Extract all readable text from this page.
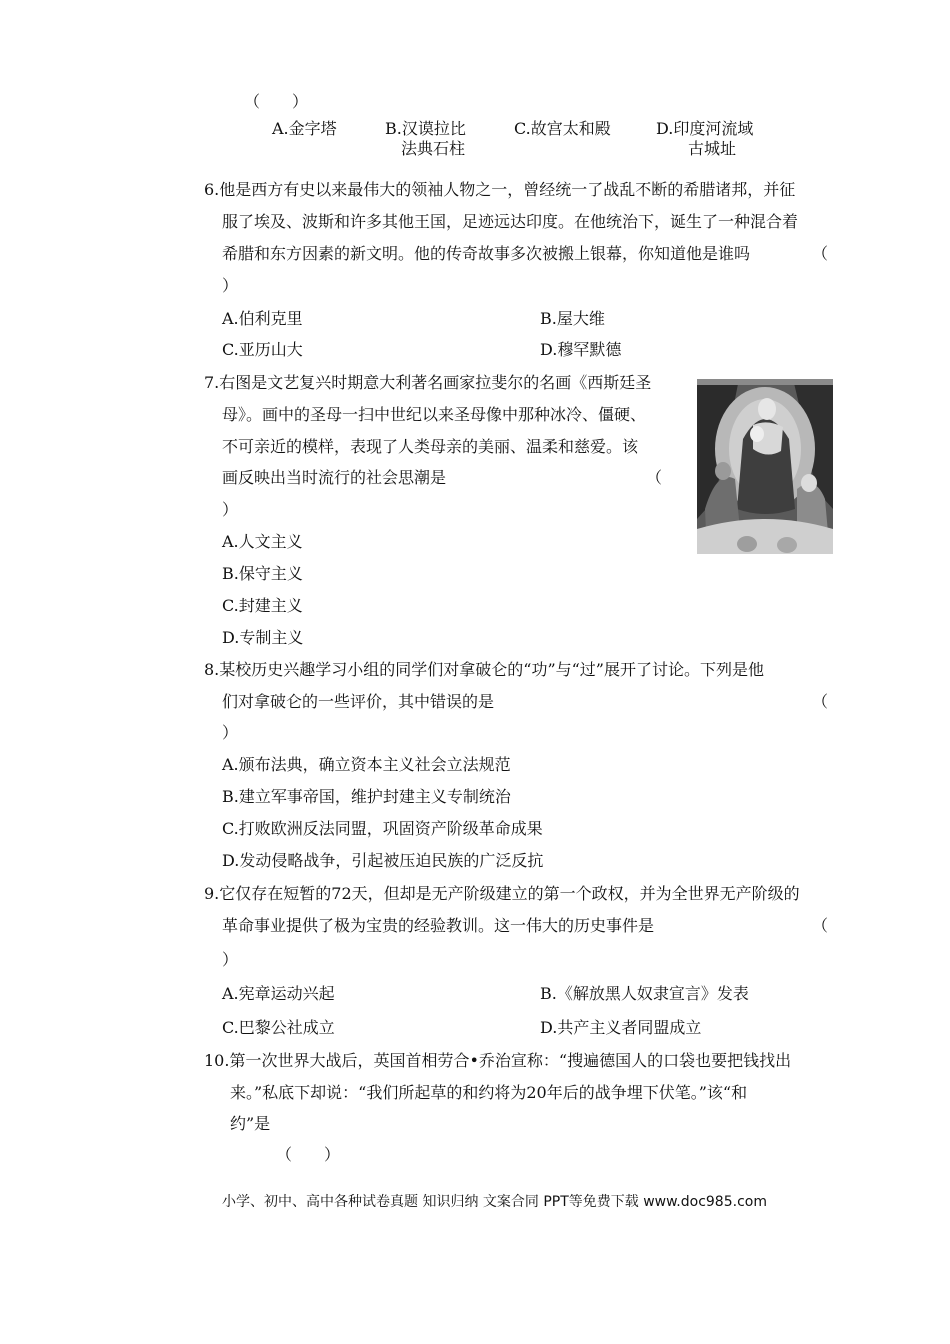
（　　）
A.金字塔	B.汉谟拉比
法典石柱
C.故宫太和殿	D.印度河流域
古城址
6.他是西方有史以来最伟大的领袖人物之一，曾经统一了战乱不断的希腊诸邦，并征
服了埃及、波斯和许多其他王国，足迹远达印度。在他统治下，诞生了一种混合着
希腊和东方因素的新文明。他的传奇故事多次被搬上银幕，你知道他是谁吗	（
）
A.伯利克里	B.屋大维
C.亚历山大	D.穆罕默德
7.右图是文艺复兴时期意大利著名画家拉斐尔的名画《西斯廷圣
母》。画中的圣母一扫中世纪以来圣母像中那种冰冷、僵硬、
不可亲近的模样，表现了人类母亲的美丽、温柔和慈爱。该
画反映出当时流行的社会思潮是	（
）
A.人文主义
B.保守主义
C.封建主义
D.专制主义
8.某校历史兴趣学习小组的同学们对拿破仑的“功”与“过”展开了讨论。下列是他
们对拿破仑的一些评价，其中错误的是	（
）
A.颁布法典，确立资本主义社会立法规范
B.建立军事帝国，维护封建主义专制统治
C.打败欧洲反法同盟，巩固资产阶级革命成果
D.发动侵略战争，引起被压迫民族的广泛反抗
9.它仅存在短暂的72天，但却是无产阶级建立的第一个政权，并为全世界无产阶级的
革命事业提供了极为宝贵的经验教训。这一伟大的历史事件是	（
）
A.宪章运动兴起	B.《解放黑人奴隶宣言》发表
C.巴黎公社成立	D.共产主义者同盟成立
10.第一次世界大战后，英国首相劳合•乔治宣称：“搜遍德国人的口袋也要把钱找出
来。”私底下却说：“我们所起草的和约将为20年后的战争埋下伏笔。”该“和
约”是
（　　）
小学、初中、高中各种试卷真题 知识归纳 文案合同 PPT等免费下载 www.doc985.com
